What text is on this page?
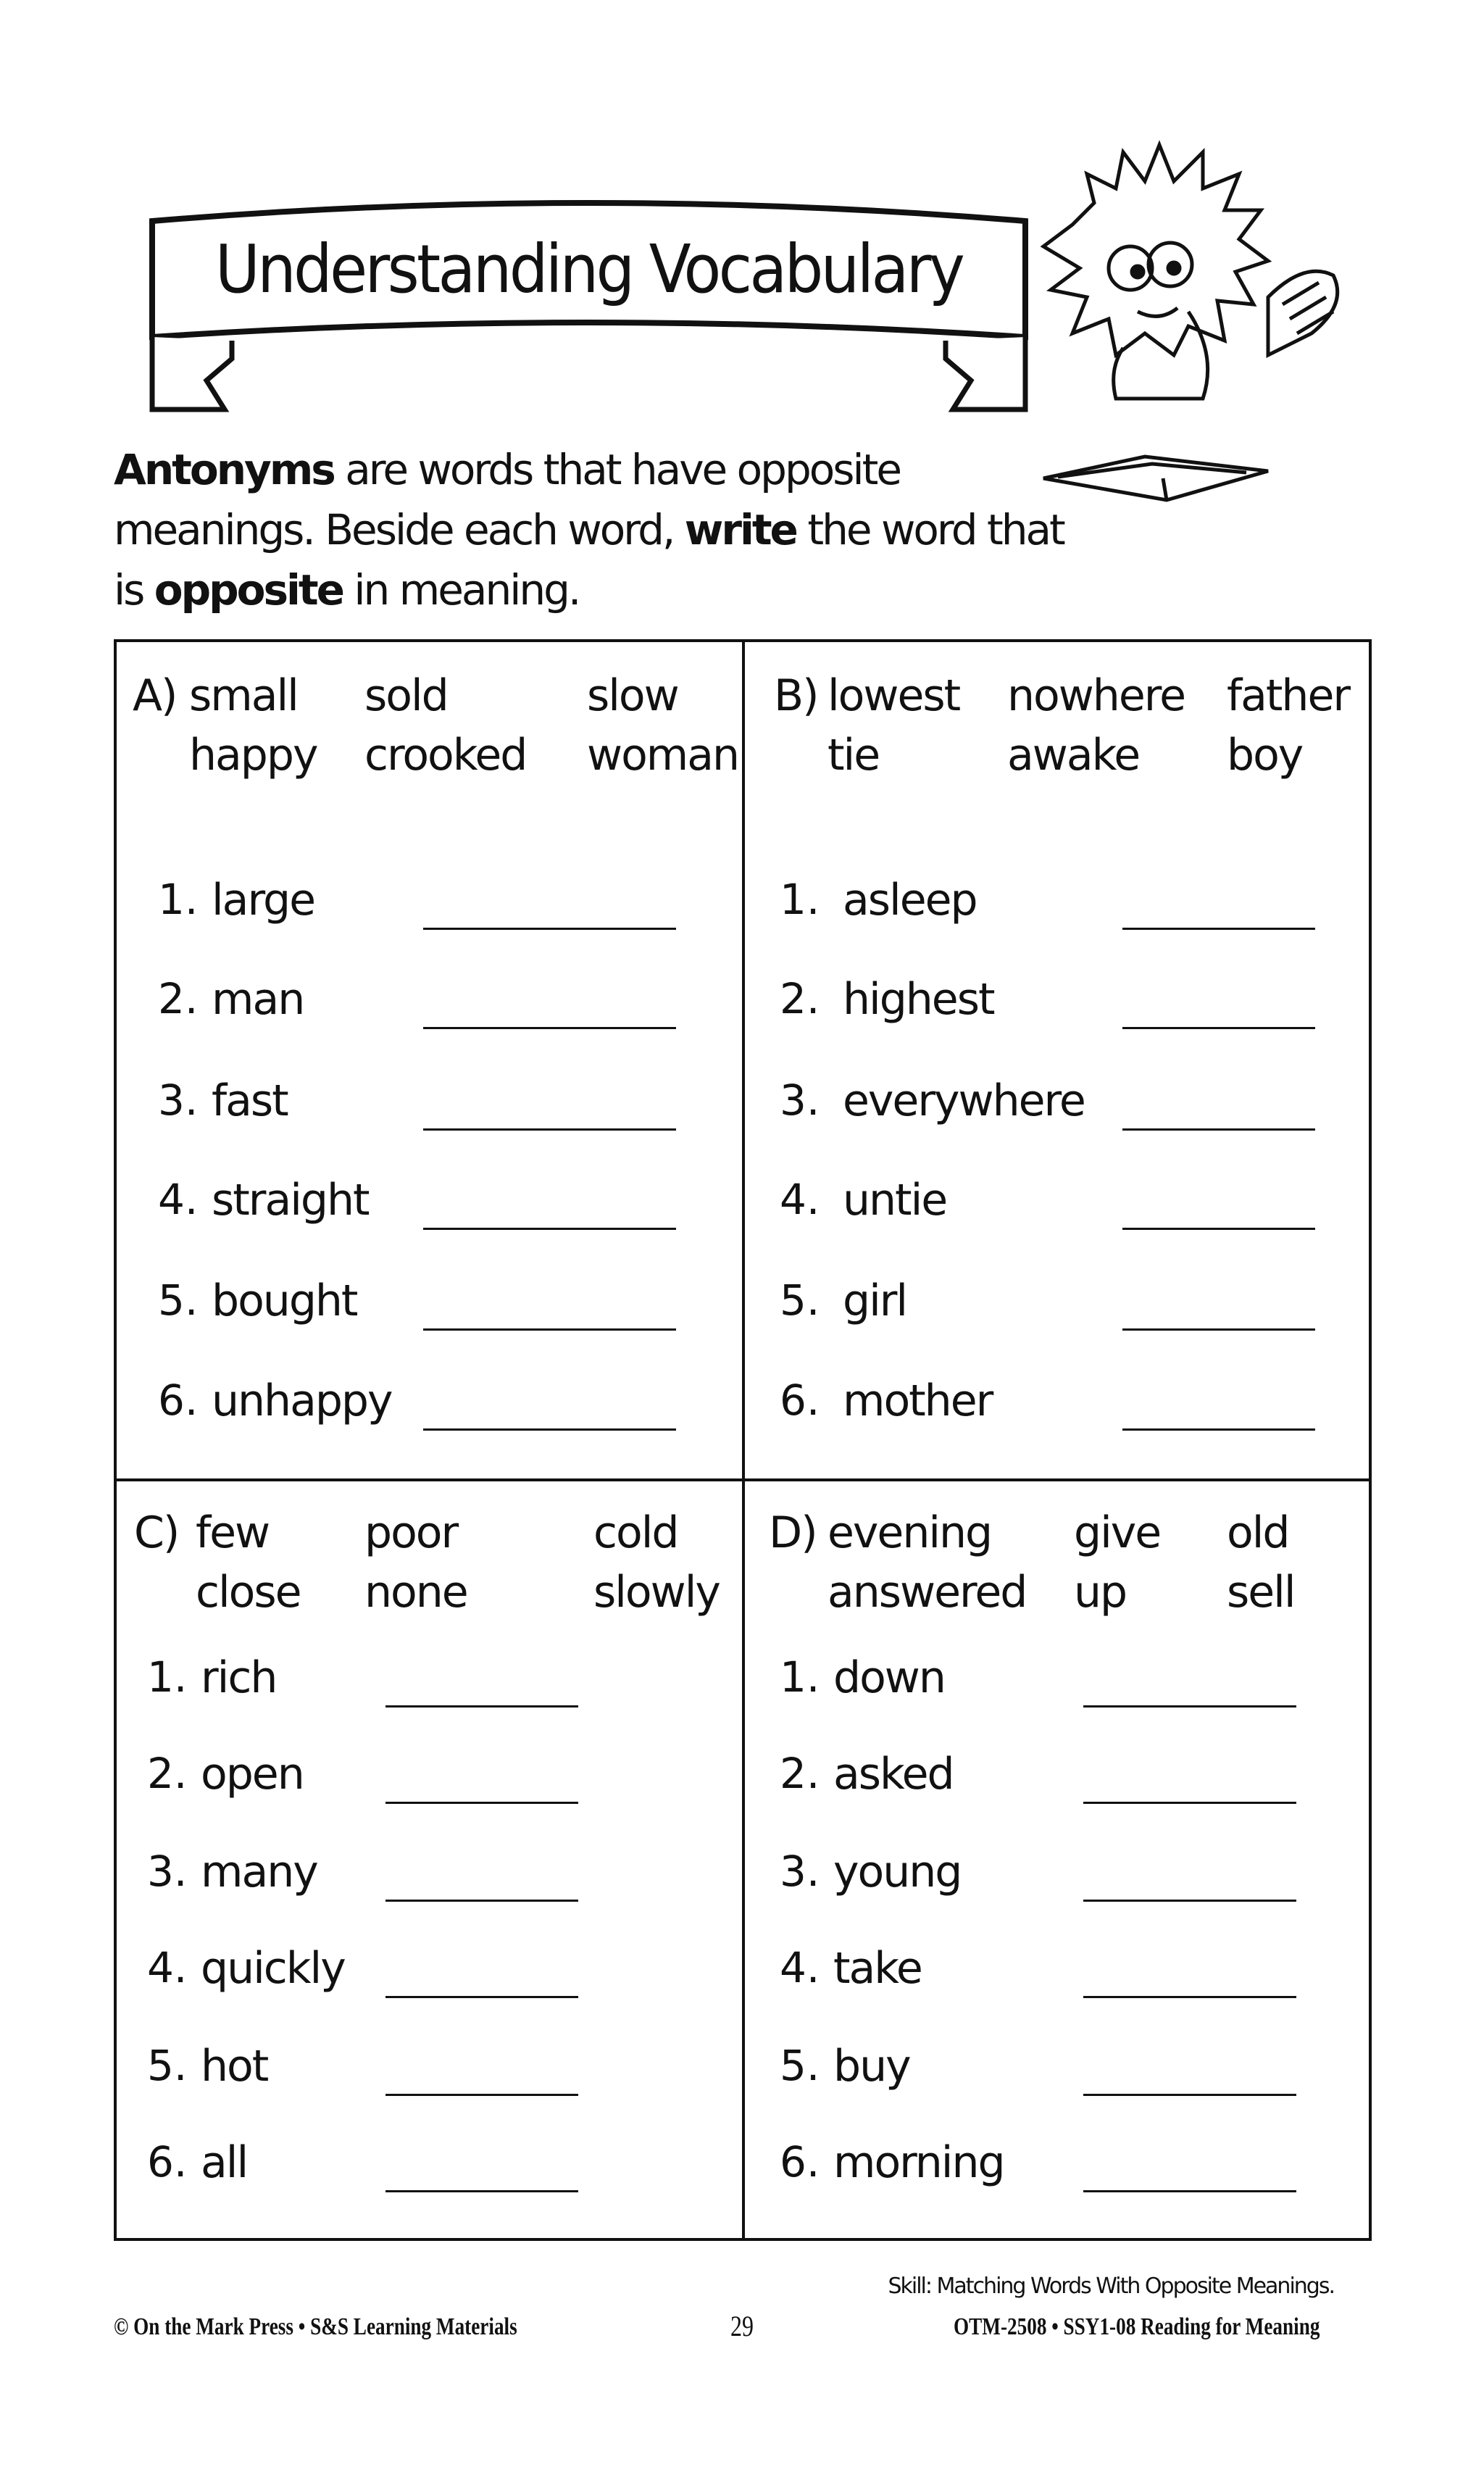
Understanding Vocabulary
Antonyms are words that have opposite
meanings. Beside each word, write the word that
is opposite in meaning.
A) small sold	slow
happy crooked woman
1. large
2. man
3. fast
4. straight
5. bought
6. unhappy
B) lowest nowhere father
tie	awake boy
1. asleep
2. highest
3. everywhere
4. untie
5. girl
6. mother
C) few poor	cold
close none	slowly
1. rich
2. open
3. many
4. quickly
5. hot
6. all
D) evening give old
answered up sell
1. down
2. asked
3. young
4. take
5. buy
6. morning
Skill: Matching Words With Opposite Meanings.
© On the Mark Press • S&S Learning Materials	29	OTM-2508 • SSY1-08 Reading for Meaning
